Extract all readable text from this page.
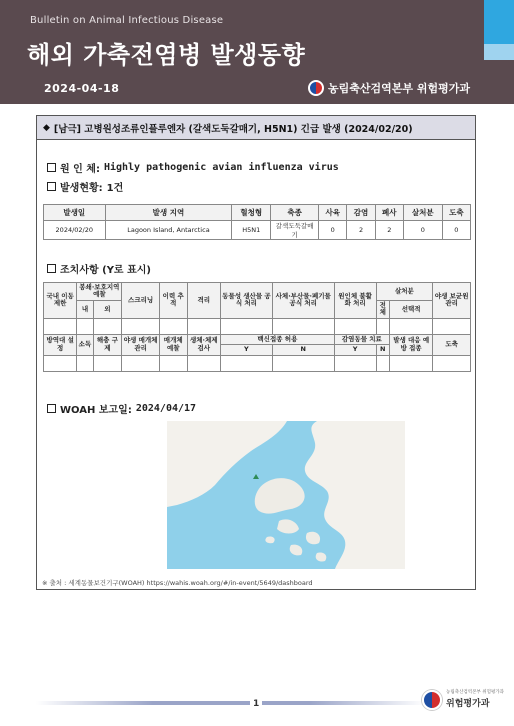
Bulletin on Animal Infectious Disease
해외 가축전염병 발생동향
2024-04-18	농림축산검역본부 위험평가과
◆ [남극] 고병원성조류인플루엔자 (갈색도둑갈매기, H5N1) 긴급 발생 (2024/02/20)
원 인 체: Highly pathogenic avian influenza virus
발생현황: 1건
발생일	발생 지역	혈청형	축종	사육	감염	폐사	살처분	도축
2024/02/20	Lagoon Island, Antarctica	H5N1	갈색도둑갈매기	0	2	2	0	0
조치사항 (Y로 표시)
국내 이동 제한	봉쇄·보호지역 예찰		스크리닝	이력 추적	격리	동물성 생산물 공식 처리	사체·부산물·폐기물 공식 처리	원인체 불활화 처리	살처분		야생 보균원 관리
	내	외							전체	선택적	

방역대 설정	소독	해충 구제	야생 매개체 관리	매개체 예찰	생체·체제 검사	백신접종 허용		감염동물 치료		발생 대응 예방 접종	도축
						Y	N	Y	N		

WOAH 보고일: 2024/04/17
※ 출처 : 세계동물보건기구(WOAH) https://wahis.woah.org/#/in-event/5649/dashboard
1
농림축산검역본부 위험평가과
위험평가과
